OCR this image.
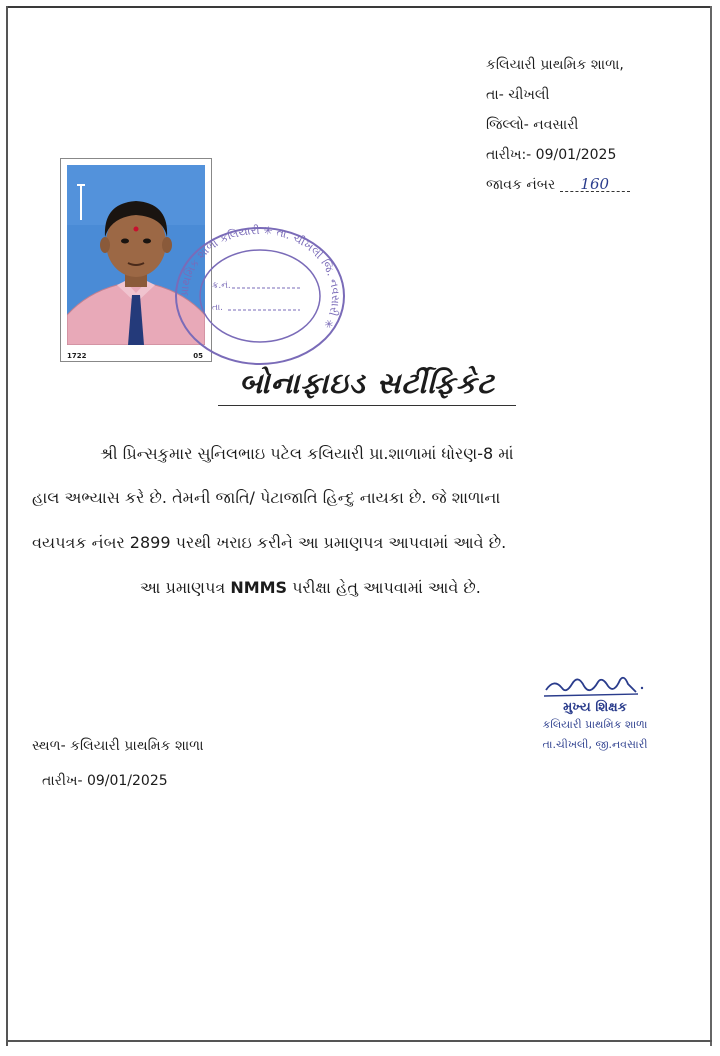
કલિયારી પ્રાથમિક શાળા,
તા- ચીખલી
જિલ્લો- નવસારી
તારીખ:- 09/01/2025
જાવક નંબર 160
1722	05
પ્રાથમિક શાળા કલિયારી ✳ તા. ચીખલી જિ. નવસારી ✳
ક્ર.નં.
તા.
બોનાફાઇડ સર્ટીફિકેટ
શ્રી પ્રિન્સકુમાર સુનિલભાઇ પટેલ કલિયારી પ્રા.શાળામાં ધોરણ-8 માં
હાલ અભ્યાસ કરે છે. તેમની જાતિ/ પેટાજાતિ હિન્દુ નાયકા છે. જે શાળાના
વયપત્રક નંબર 2899 પરથી ખરાઇ કરીને આ પ્રમાણપત્ર આપવામાં આવે છે.
આ પ્રમાણપત્ર NMMS પરીક્ષા હેતુ આપવામાં આવે છે.
મુખ્ય શિક્ષક
કલિયારી પ્રાથમિક શાળા
તા.ચીખલી, જી.નવસારી
સ્થળ- કલિયારી પ્રાથમિક શાળા
તારીખ- 09/01/2025
